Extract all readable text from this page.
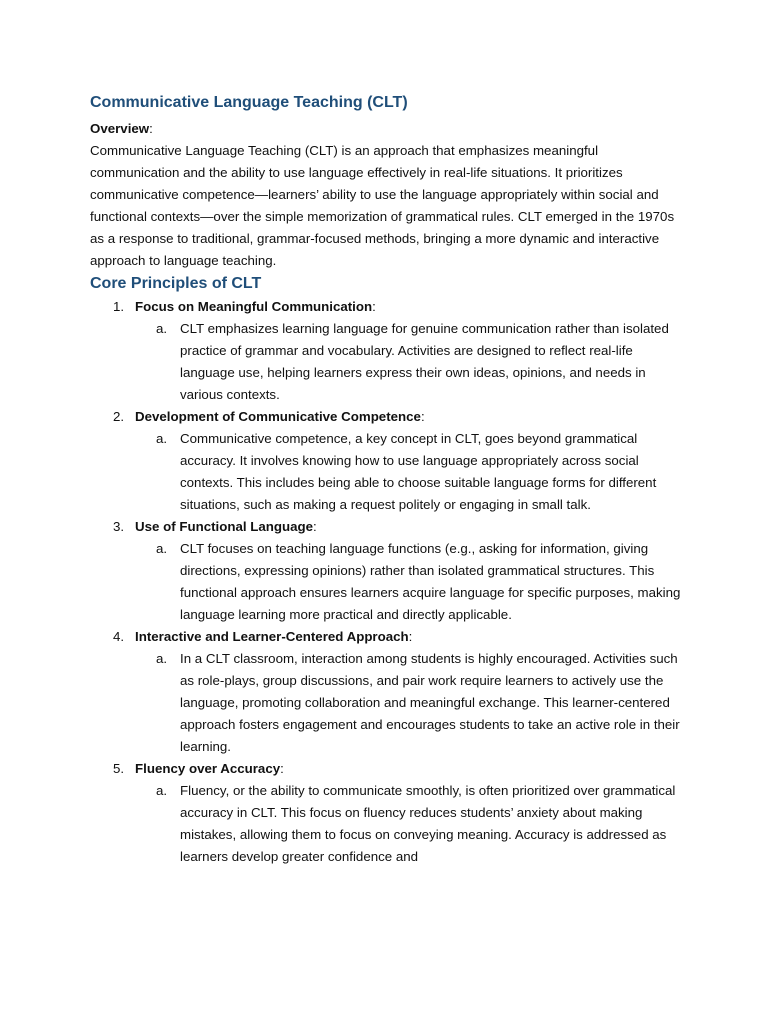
Communicative Language Teaching (CLT)

Overview:

Communicative Language Teaching (CLT) is an approach that emphasizes meaningful communication and the ability to use language effectively in real-life situations. It prioritizes communicative competence—learners’ ability to use the language appropriately within social and functional contexts—over the simple memorization of grammatical rules. CLT emerged in the 1970s as a response to traditional, grammar-focused methods, bringing a more dynamic and interactive approach to language teaching.

Core Principles of CLT
1. Focus on Meaningful Communication:
a. CLT emphasizes learning language for genuine communication rather than isolated practice of grammar and vocabulary. Activities are designed to reflect real-life language use, helping learners express their own ideas, opinions, and needs in various contexts.
2. Development of Communicative Competence:
a. Communicative competence, a key concept in CLT, goes beyond grammatical accuracy. It involves knowing how to use language appropriately across social contexts. This includes being able to choose suitable language forms for different situations, such as making a request politely or engaging in small talk.
3. Use of Functional Language:
a. CLT focuses on teaching language functions (e.g., asking for information, giving directions, expressing opinions) rather than isolated grammatical structures. This functional approach ensures learners acquire language for specific purposes, making language learning more practical and directly applicable.
4. Interactive and Learner-Centered Approach:
a. In a CLT classroom, interaction among students is highly encouraged. Activities such as role-plays, group discussions, and pair work require learners to actively use the language, promoting collaboration and meaningful exchange. This learner-centered approach fosters engagement and encourages students to take an active role in their learning.
5. Fluency over Accuracy:
a. Fluency, or the ability to communicate smoothly, is often prioritized over grammatical accuracy in CLT. This focus on fluency reduces students’ anxiety about making mistakes, allowing them to focus on conveying meaning. Accuracy is addressed as learners develop greater confidence and
